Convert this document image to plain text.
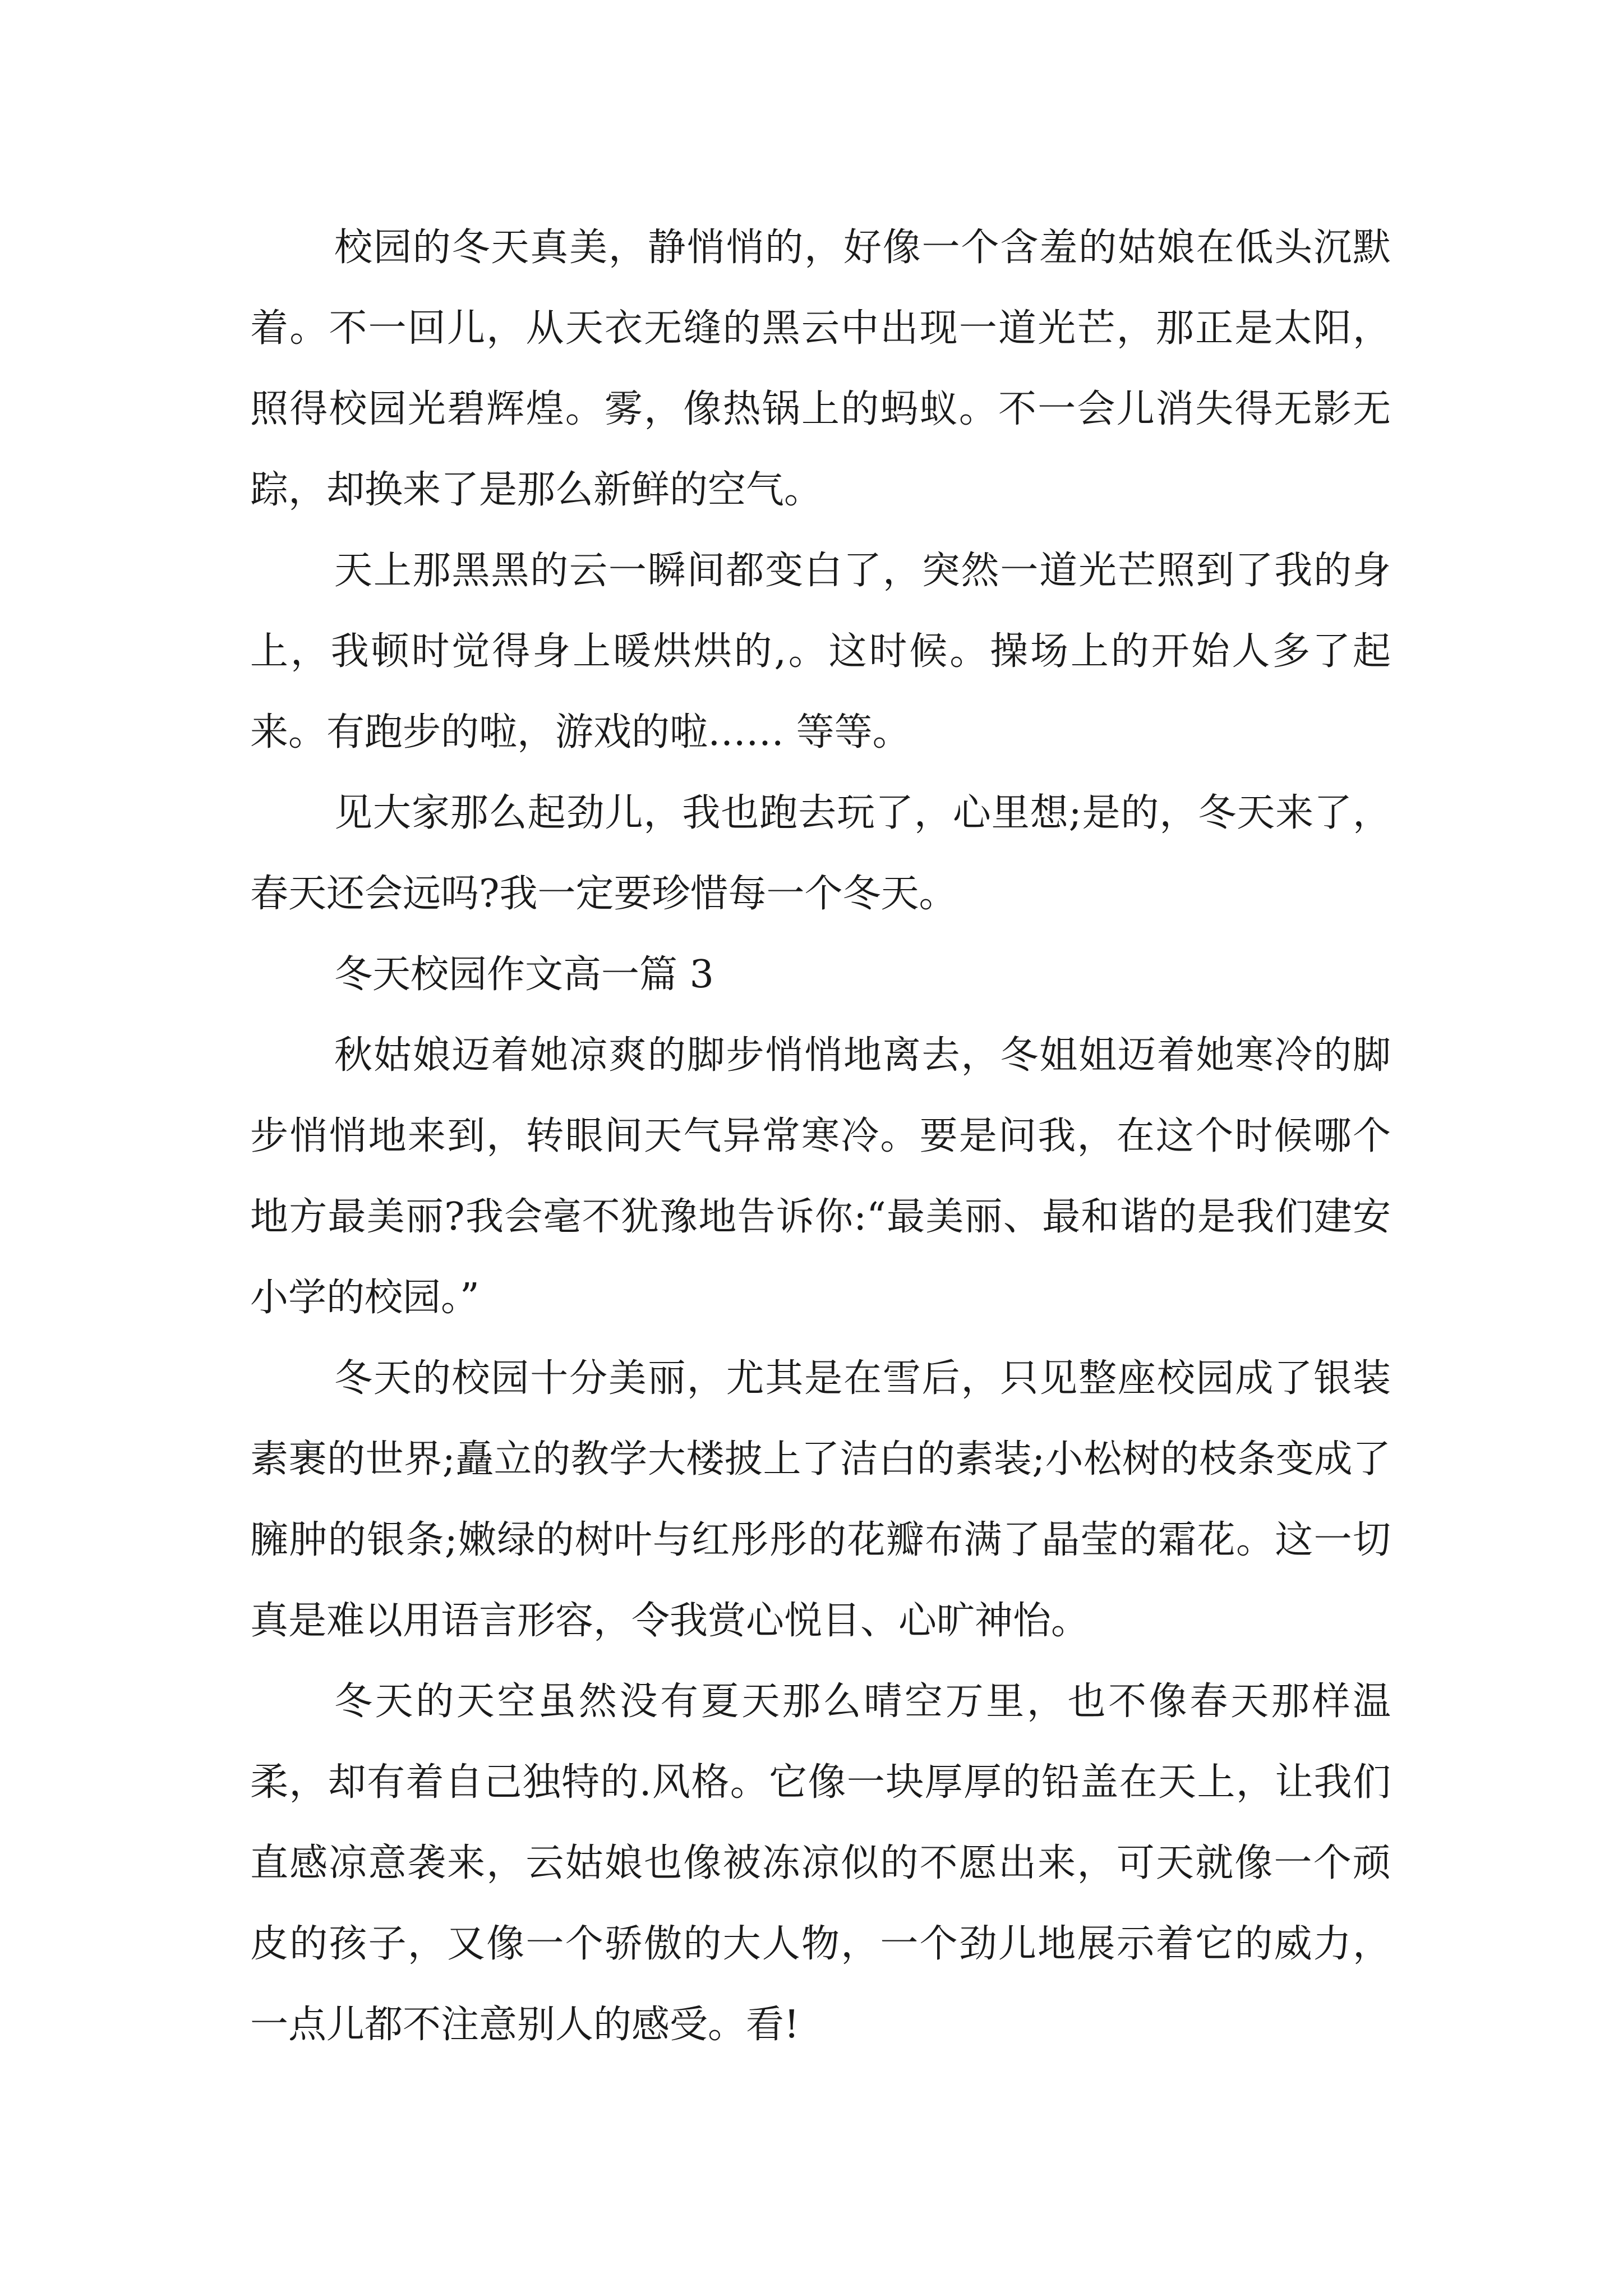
校园的冬天真美，静悄悄的，好像一个含羞的姑娘在低头沉默着。不一回儿，从天衣无缝的黑云中出现一道光芒，那正是太阳，照得校园光碧辉煌。雾，像热锅上的蚂蚁。不一会儿消失得无影无踪，却换来了是那么新鲜的空气。

天上那黑黑的云一瞬间都变白了，突然一道光芒照到了我的身上，我顿时觉得身上暖烘烘的,。这时候。操场上的开始人多了起来。有跑步的啦，游戏的啦…… 等等。

见大家那么起劲儿，我也跑去玩了，心里想;是的，冬天来了，春天还会远吗?我一定要珍惜每一个冬天。

冬天校园作文高一篇 3

秋姑娘迈着她凉爽的脚步悄悄地离去，冬姐姐迈着她寒冷的脚步悄悄地来到，转眼间天气异常寒冷。要是问我，在这个时候哪个地方最美丽?我会毫不犹豫地告诉你:“最美丽、最和谐的是我们建安小学的校园。”

冬天的校园十分美丽，尤其是在雪后，只见整座校园成了银装素裹的世界;矗立的教学大楼披上了洁白的素装;小松树的枝条变成了臃肿的银条;嫩绿的树叶与红彤彤的花瓣布满了晶莹的霜花。这一切真是难以用语言形容，令我赏心悦目、心旷神怡。

冬天的天空虽然没有夏天那么晴空万里，也不像春天那样温柔，却有着自己独特的.风格。它像一块厚厚的铅盖在天上，让我们直感凉意袭来，云姑娘也像被冻凉似的不愿出来，可天就像一个顽皮的孩子，又像一个骄傲的大人物，一个劲儿地展示着它的威力，一点儿都不注意别人的感受。看!
